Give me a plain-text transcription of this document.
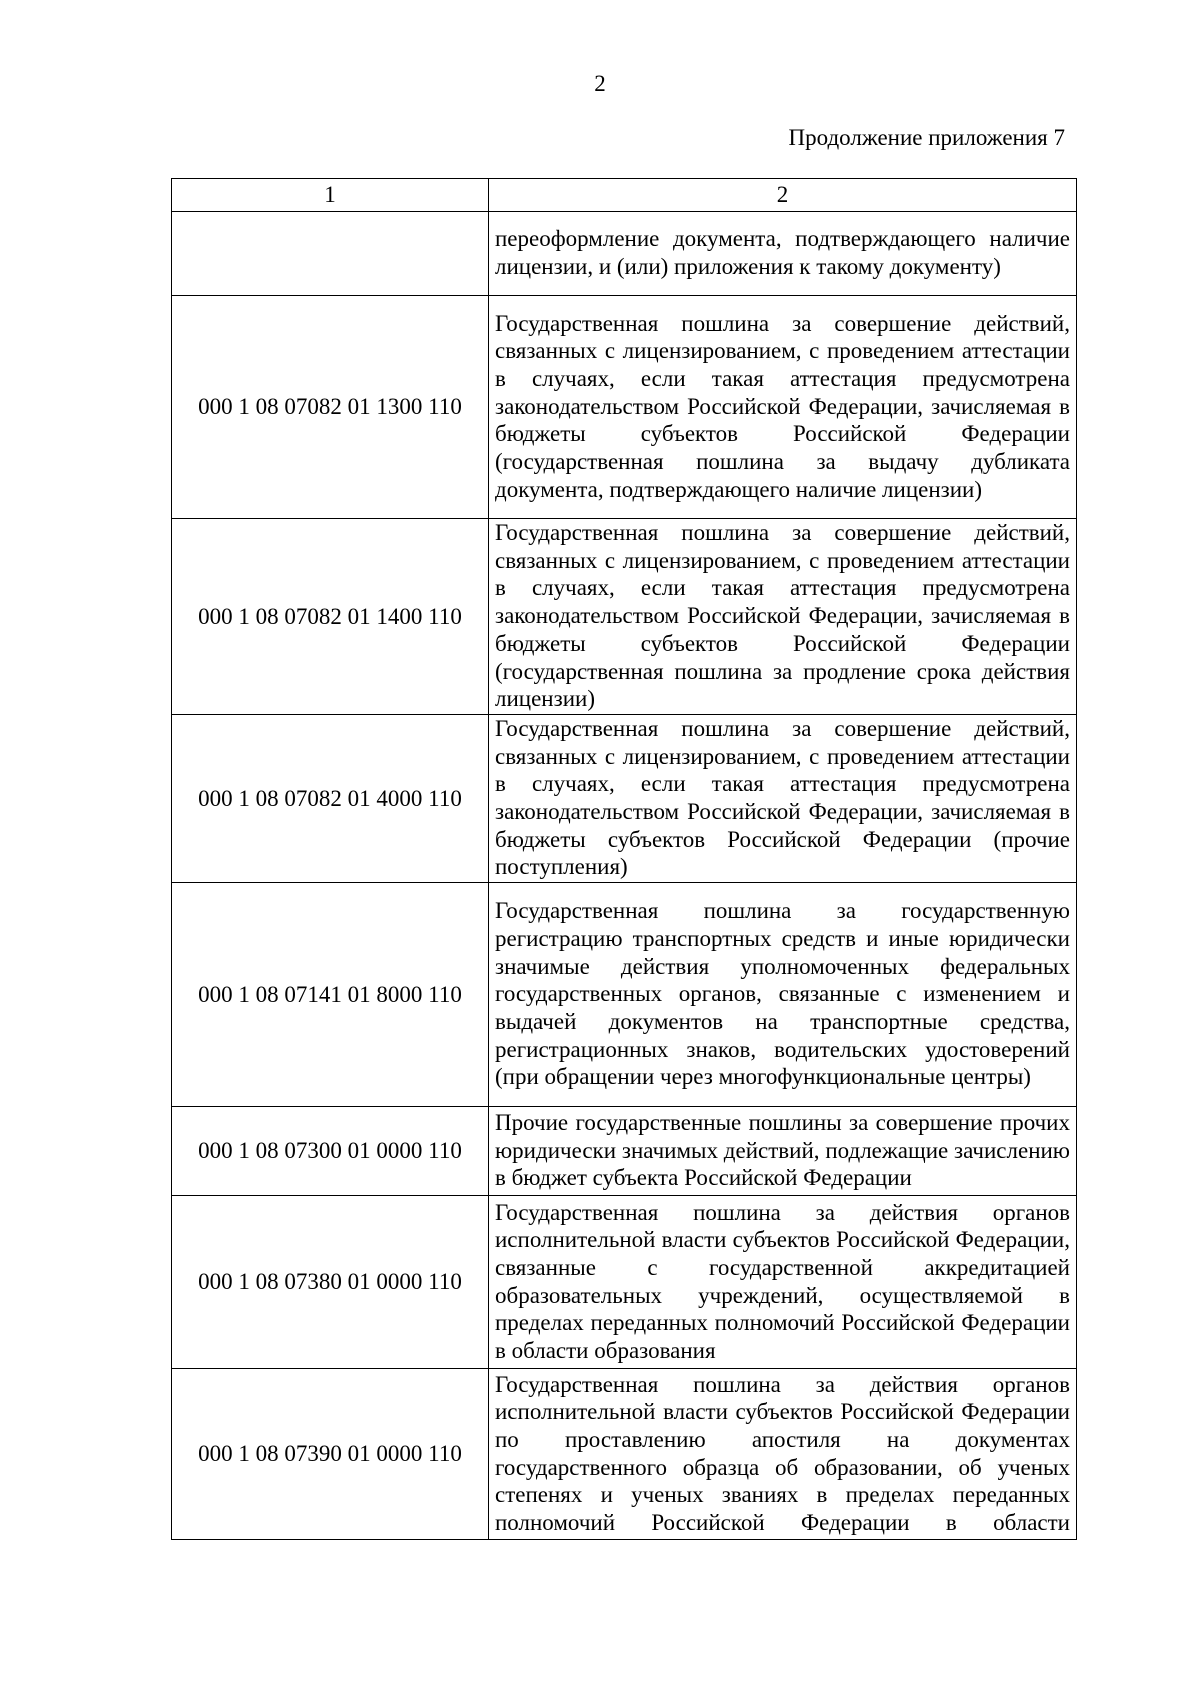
2
Продолжение приложения 7
1	2

	переоформление документа, подтверждающего наличие лицензии, и (или) приложения к такому документу)

000 1 08 07082 01 1300 110	Государственная пошлина за совершение действий, связанных с лицензированием, с проведением аттестации в случаях, если такая аттестация предусмотрена законодательством Российской Федерации, зачисляемая в бюджеты субъектов Российской Федерации (государственная пошлина за выдачу дубликата документа, подтверждающего наличие лицензии)

000 1 08 07082 01 1400 110	Государственная пошлина за совершение действий, связанных с лицензированием, с проведением аттестации в случаях, если такая аттестация предусмотрена законодательством Российской Федерации, зачисляемая в бюджеты субъектов Российской Федерации (государственная пошлина за продление срока действия лицензии)

000 1 08 07082 01 4000 110	Государственная пошлина за совершение действий, связанных с лицензированием, с проведением аттестации в случаях, если такая аттестация предусмотрена законодательством Российской Федерации, зачисляемая в бюджеты субъектов Российской Федерации (прочие поступления)

000 1 08 07141 01 8000 110	Государственная пошлина за государственную регистрацию транспортных средств и иные юридически значимые действия уполномоченных федеральных государственных органов, связанные с изменением и выдачей документов на транспортные средства, регистрационных знаков, водительских удостоверений (при обращении через многофункциональные центры)

000 1 08 07300 01 0000 110	Прочие государственные пошлины за совершение прочих юридически значимых действий, подлежащие зачислению в бюджет субъекта Российской Федерации

000 1 08 07380 01 0000 110	Государственная пошлина за действия органов исполнительной власти субъектов Российской Федерации, связанные с государственной аккредитацией образовательных учреждений, осуществляемой в пределах переданных полномочий Российской Федерации в области образования

000 1 08 07390 01 0000 110	Государственная пошлина за действия органов исполнительной власти субъектов Российской Федерации по проставлению апостиля на документах государственного образца об образовании, об ученых степенях и ученых званиях в пределах переданных полномочий Российской Федерации в области
